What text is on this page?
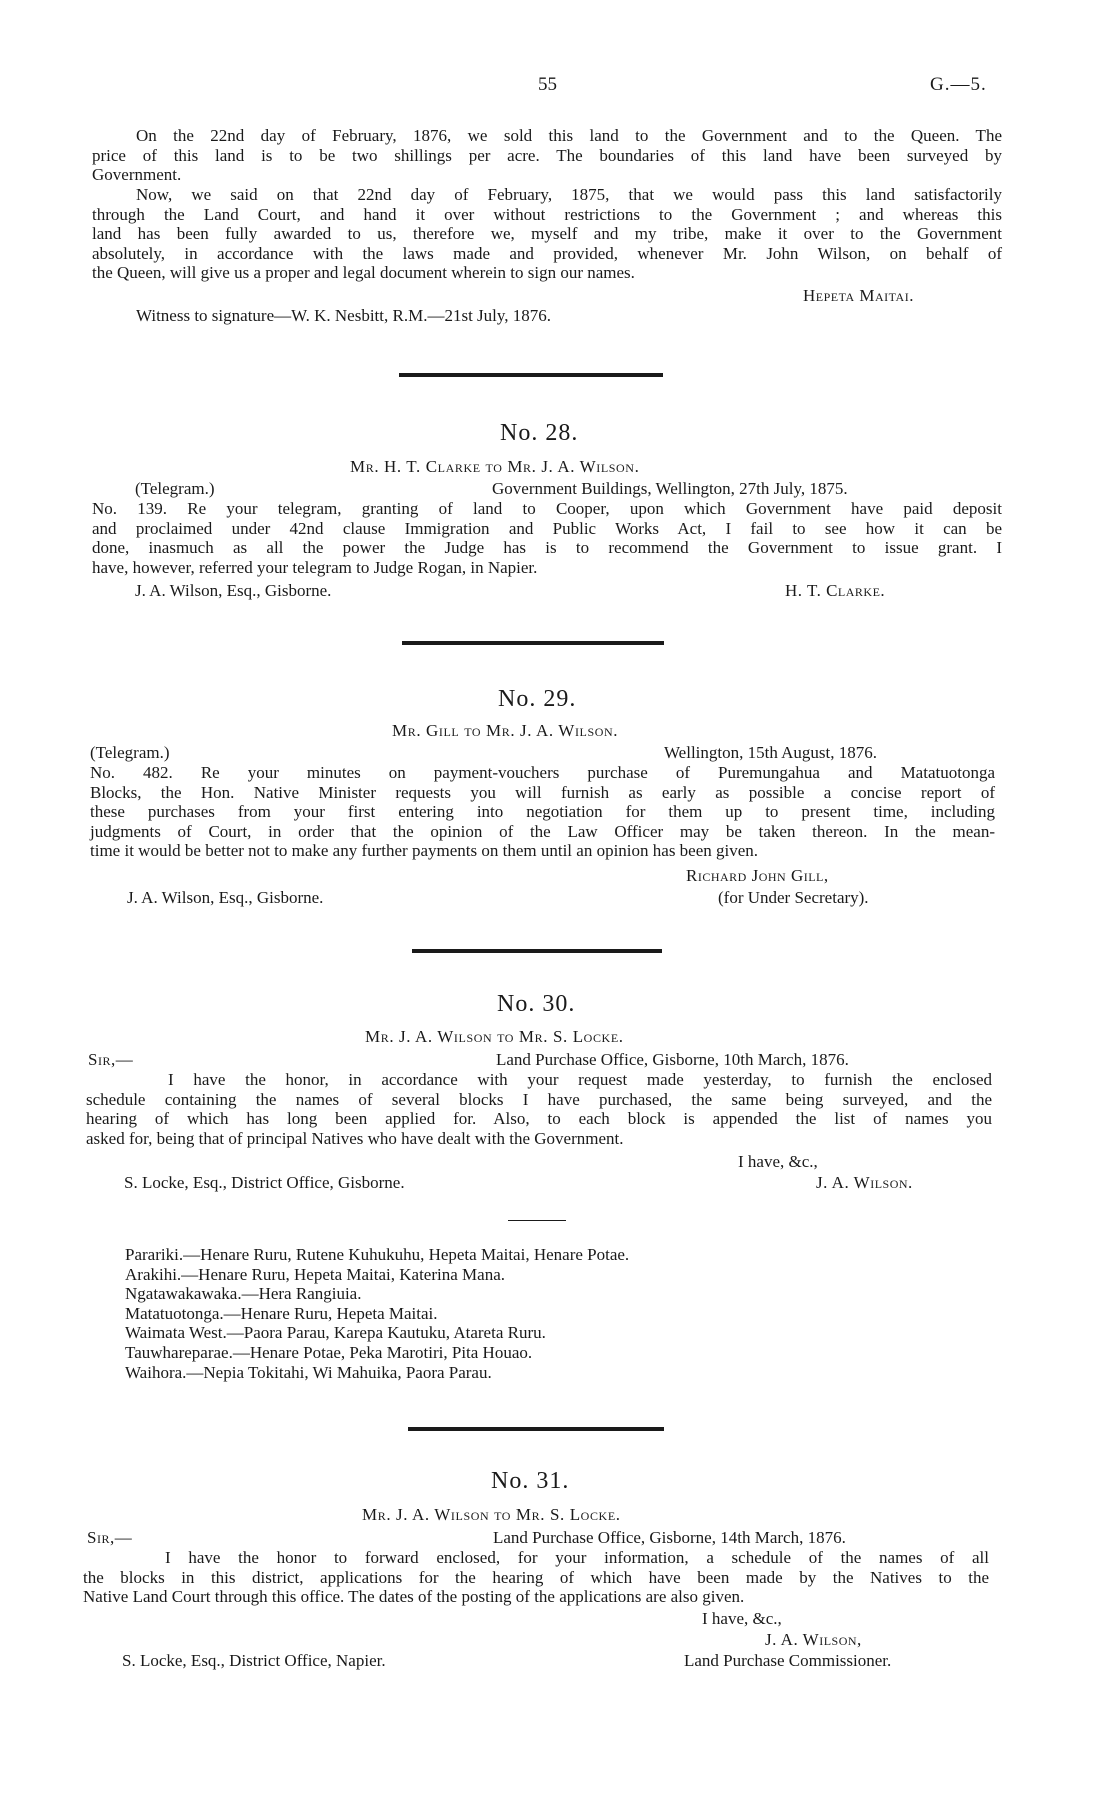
55	G.—5.
On the 22nd day of February, 1876, we sold this land to the Government and to the Queen. The
price of this land is to be two shillings per acre. The boundaries of this land have been surveyed by
Government.
Now, we said on that 22nd day of February, 1875, that we would pass this land satisfactorily
through the Land Court, and hand it over without restrictions to the Government ; and whereas this
land has been fully awarded to us, therefore we, myself and my tribe, make it over to the Government
absolutely, in accordance with the laws made and provided, whenever Mr. John Wilson, on behalf of
the Queen, will give us a proper and legal document wherein to sign our names.
Hepeta Maitai.
Witness to signature—W. K. Nesbitt, R.M.—21st July, 1876.
No. 28.
Mr. H. T. Clarke to Mr. J. A. Wilson.
(Telegram.)	Government Buildings, Wellington, 27th July, 1875.
No. 139. Re your telegram, granting of land to Cooper, upon which Government have paid deposit
and proclaimed under 42nd clause Immigration and Public Works Act, I fail to see how it can be
done, inasmuch as all the power the Judge has is to recommend the Government to issue grant. I
have, however, referred your telegram to Judge Rogan, in Napier.
J. A. Wilson, Esq., Gisborne.	H. T. Clarke.
No. 29.
Mr. Gill to Mr. J. A. Wilson.
(Telegram.)	Wellington, 15th August, 1876.
No. 482. Re your minutes on payment-vouchers purchase of Puremungahua and Matatuotonga
Blocks, the Hon. Native Minister requests you will furnish as early as possible a concise report of
these purchases from your first entering into negotiation for them up to present time, including
judgments of Court, in order that the opinion of the Law Officer may be taken thereon. In the mean-
time it would be better not to make any further payments on them until an opinion has been given.
Richard John Gill,
J. A. Wilson, Esq., Gisborne.	(for Under Secretary).
No. 30.
Mr. J. A. Wilson to Mr. S. Locke.
Sir,—	Land Purchase Office, Gisborne, 10th March, 1876.
I have the honor, in accordance with your request made yesterday, to furnish the enclosed
schedule containing the names of several blocks I have purchased, the same being surveyed, and the
hearing of which has long been applied for. Also, to each block is appended the list of names you
asked for, being that of principal Natives who have dealt with the Government.
I have, &c.,
J. A. Wilson.
S. Locke, Esq., District Office, Gisborne.
Parariki.—Henare Ruru, Rutene Kuhukuhu, Hepeta Maitai, Henare Potae.
Arakihi.—Henare Ruru, Hepeta Maitai, Katerina Mana.
Ngatawakawaka.—Hera Rangiuia.
Matatuotonga.—Henare Ruru, Hepeta Maitai.
Waimata West.—Paora Parau, Karepa Kautuku, Atareta Ruru.
Tauwhareparae.—Henare Potae, Peka Marotiri, Pita Houao.
Waihora.—Nepia Tokitahi, Wi Mahuika, Paora Parau.
No. 31.
Mr. J. A. Wilson to Mr. S. Locke.
Sir,—	Land Purchase Office, Gisborne, 14th March, 1876.
I have the honor to forward enclosed, for your information, a schedule of the names of all
the blocks in this district, applications for the hearing of which have been made by the Natives to the
Native Land Court through this office. The dates of the posting of the applications are also given.
I have, &c.,
J. A. Wilson,
S. Locke, Esq., District Office, Napier.	Land Purchase Commissioner.
